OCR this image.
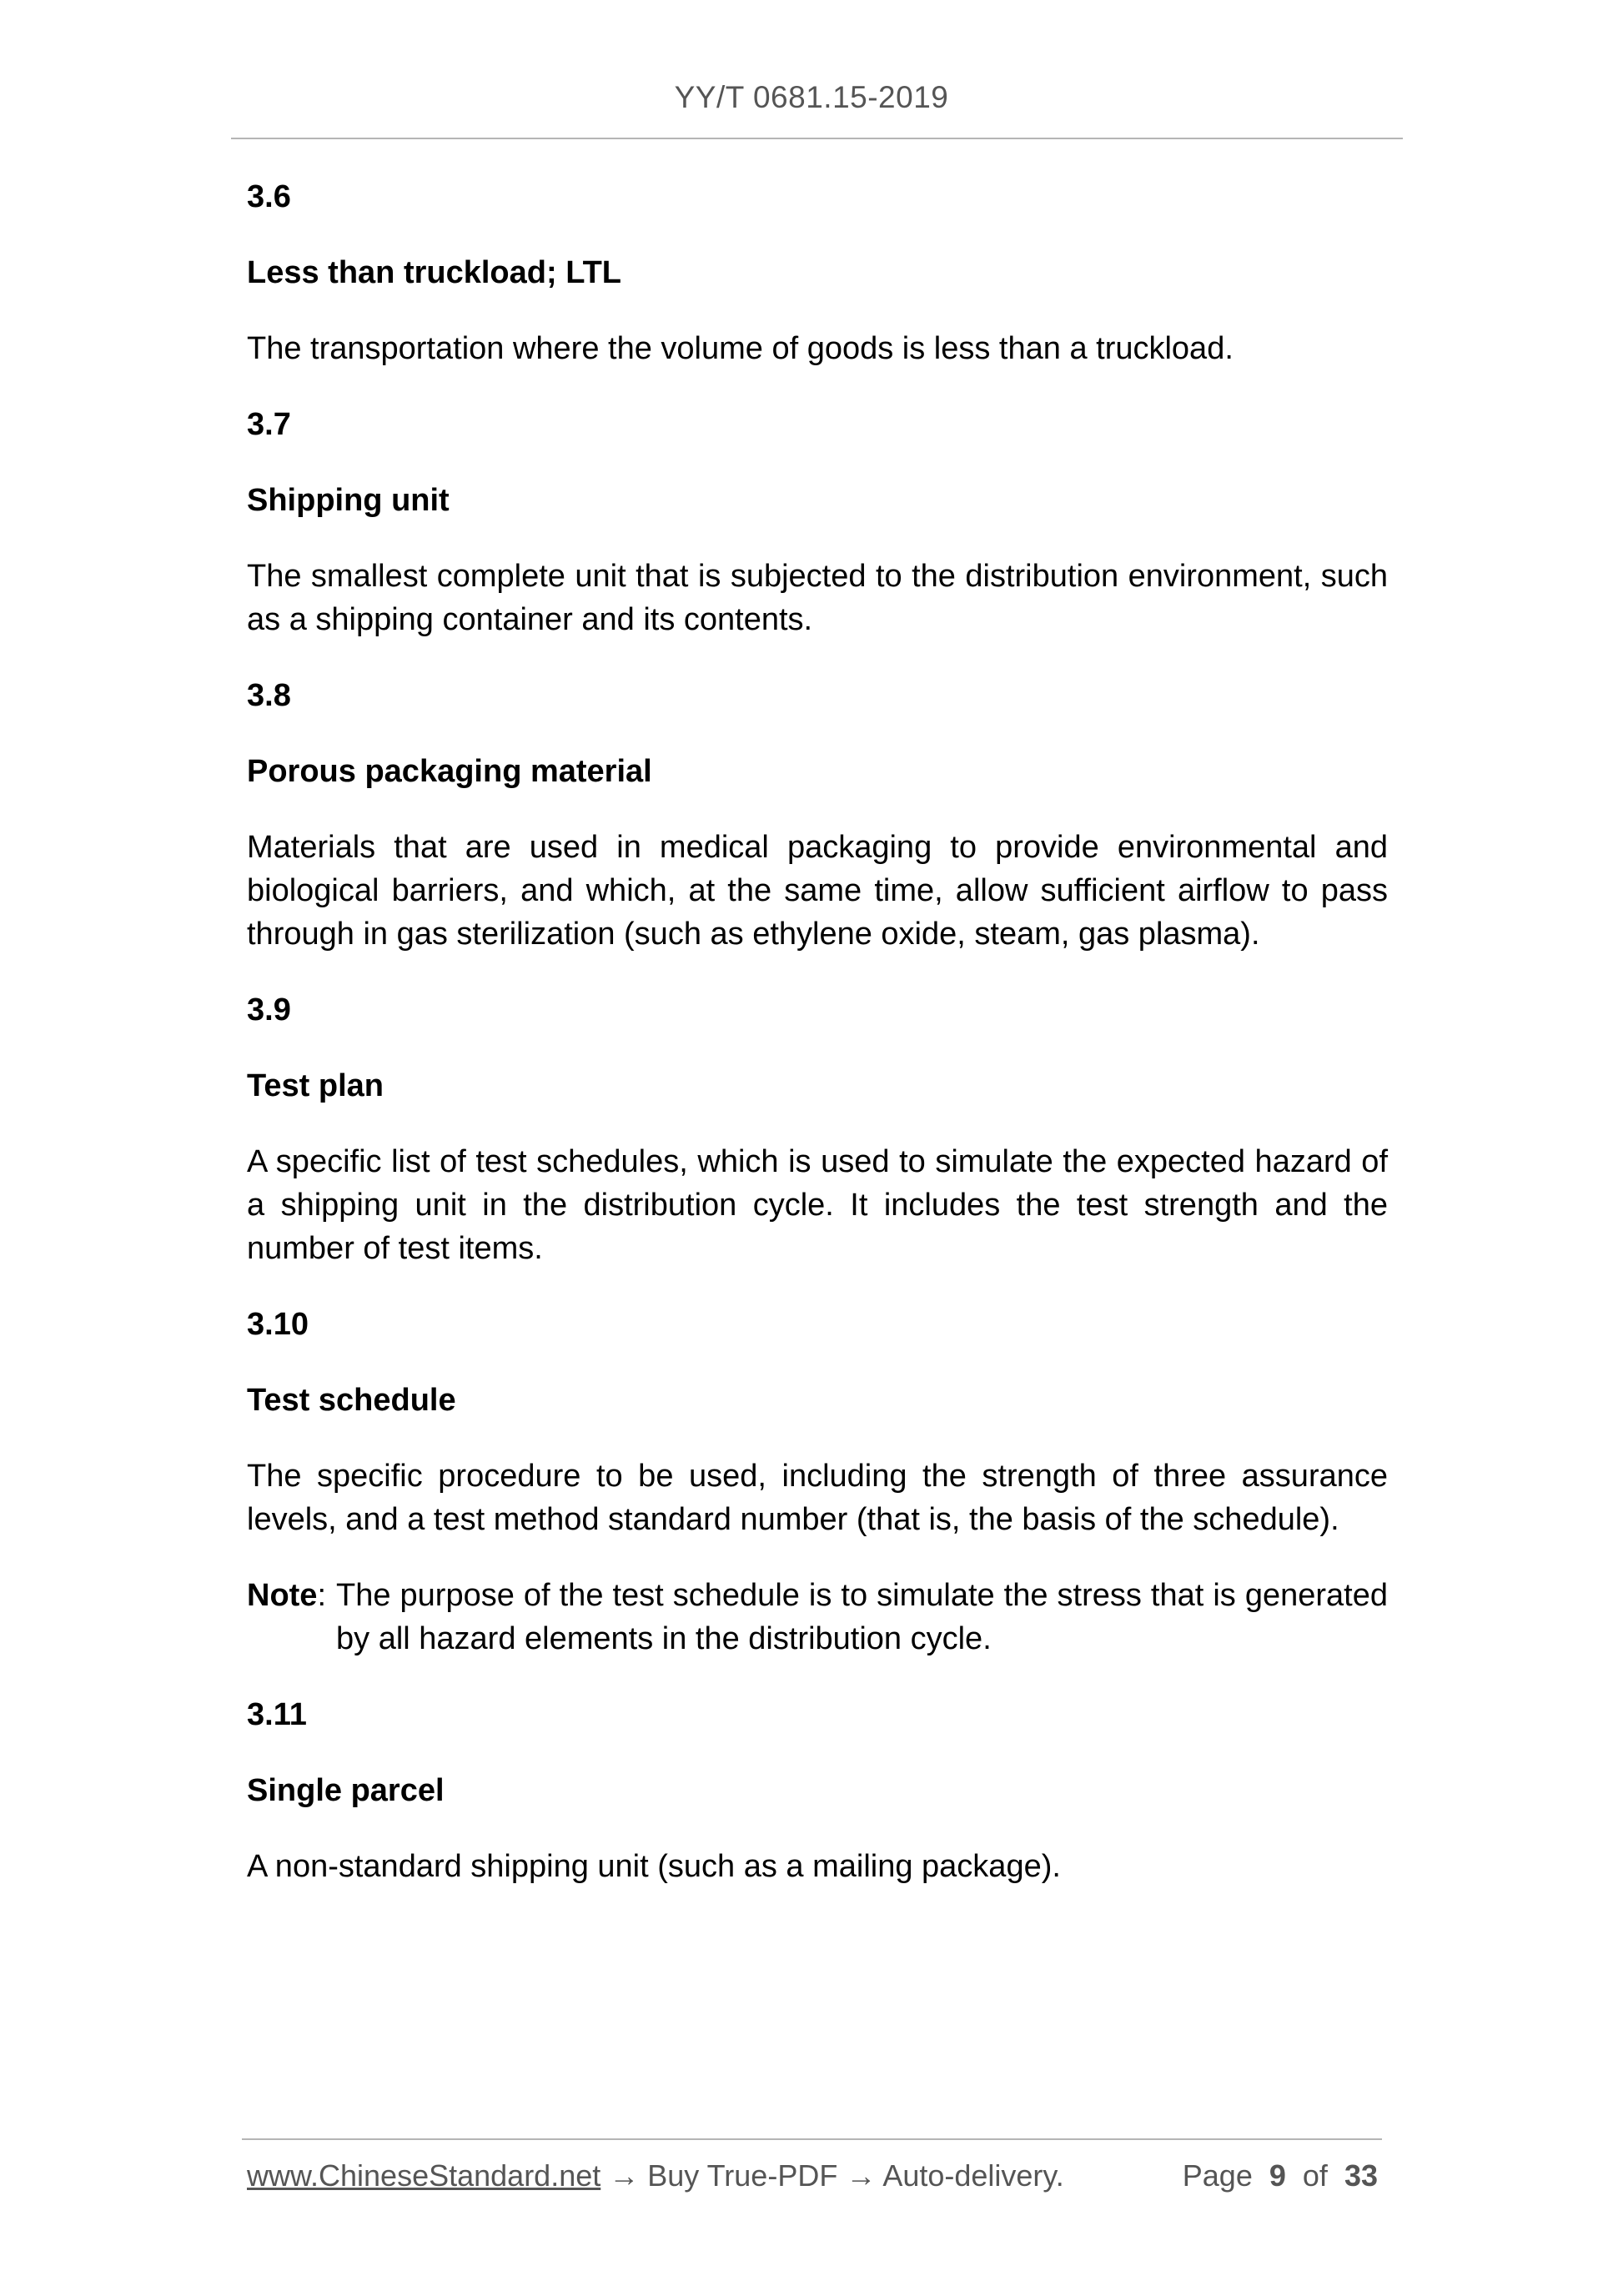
YY/T 0681.15-2019
3.6
Less than truckload; LTL
The transportation where the volume of goods is less than a truckload.
3.7
Shipping unit
The smallest complete unit that is subjected to the distribution environment, such as a shipping container and its contents.
3.8
Porous packaging material
Materials that are used in medical packaging to provide environmental and biological barriers, and which, at the same time, allow sufficient airflow to pass through in gas sterilization (such as ethylene oxide, steam, gas plasma).
3.9
Test plan
A specific list of test schedules, which is used to simulate the expected hazard of a shipping unit in the distribution cycle. It includes the test strength and the number of test items.
3.10
Test schedule
The specific procedure to be used, including the strength of three assurance levels, and a test method standard number (that is, the basis of the schedule).
Note: The purpose of the test schedule is to simulate the stress that is generated by all hazard elements in the distribution cycle.
3.11
Single parcel
A non-standard shipping unit (such as a mailing package).
www.ChineseStandard.net → Buy True-PDF → Auto-delivery.	Page 9 of 33
